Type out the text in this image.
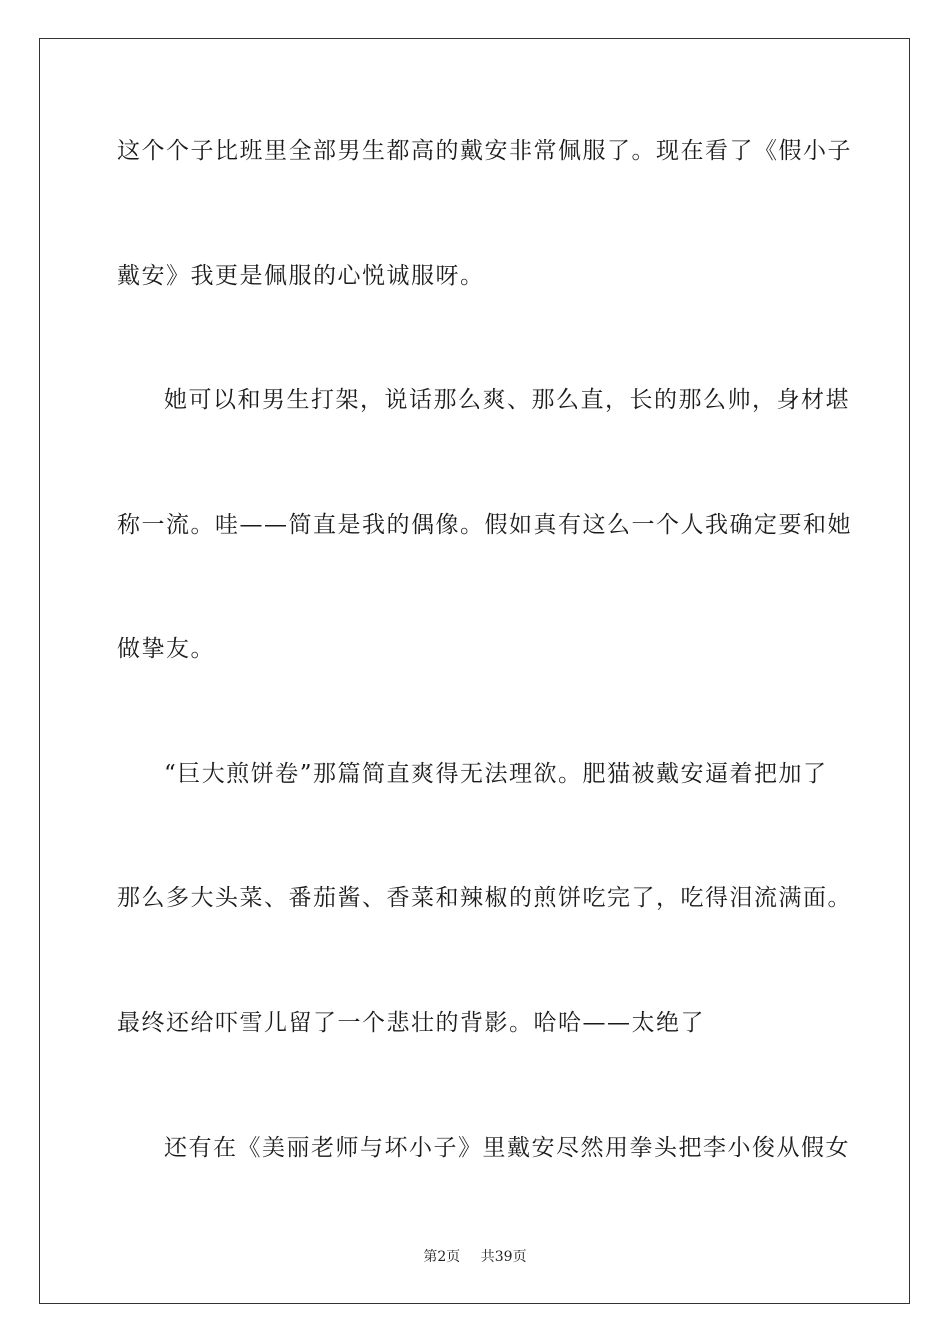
这个个子比班里全部男生都高的戴安非常佩服了。现在看了《假小子
戴安》我更是佩服的心悦诚服呀。
她可以和男生打架，说话那么爽、那么直，长的那么帅，身材堪
称一流。哇——简直是我的偶像。假如真有这么一个人我确定要和她
做挚友。
“巨大煎饼卷”那篇简直爽得无法理欲。肥猫被戴安逼着把加了
那么多大头菜、番茄酱、香菜和辣椒的煎饼吃完了，吃得泪流满面。
最终还给吓雪儿留了一个悲壮的背影。哈哈——太绝了
还有在《美丽老师与坏小子》里戴安尽然用拳头把李小俊从假女
第2页 共39页
